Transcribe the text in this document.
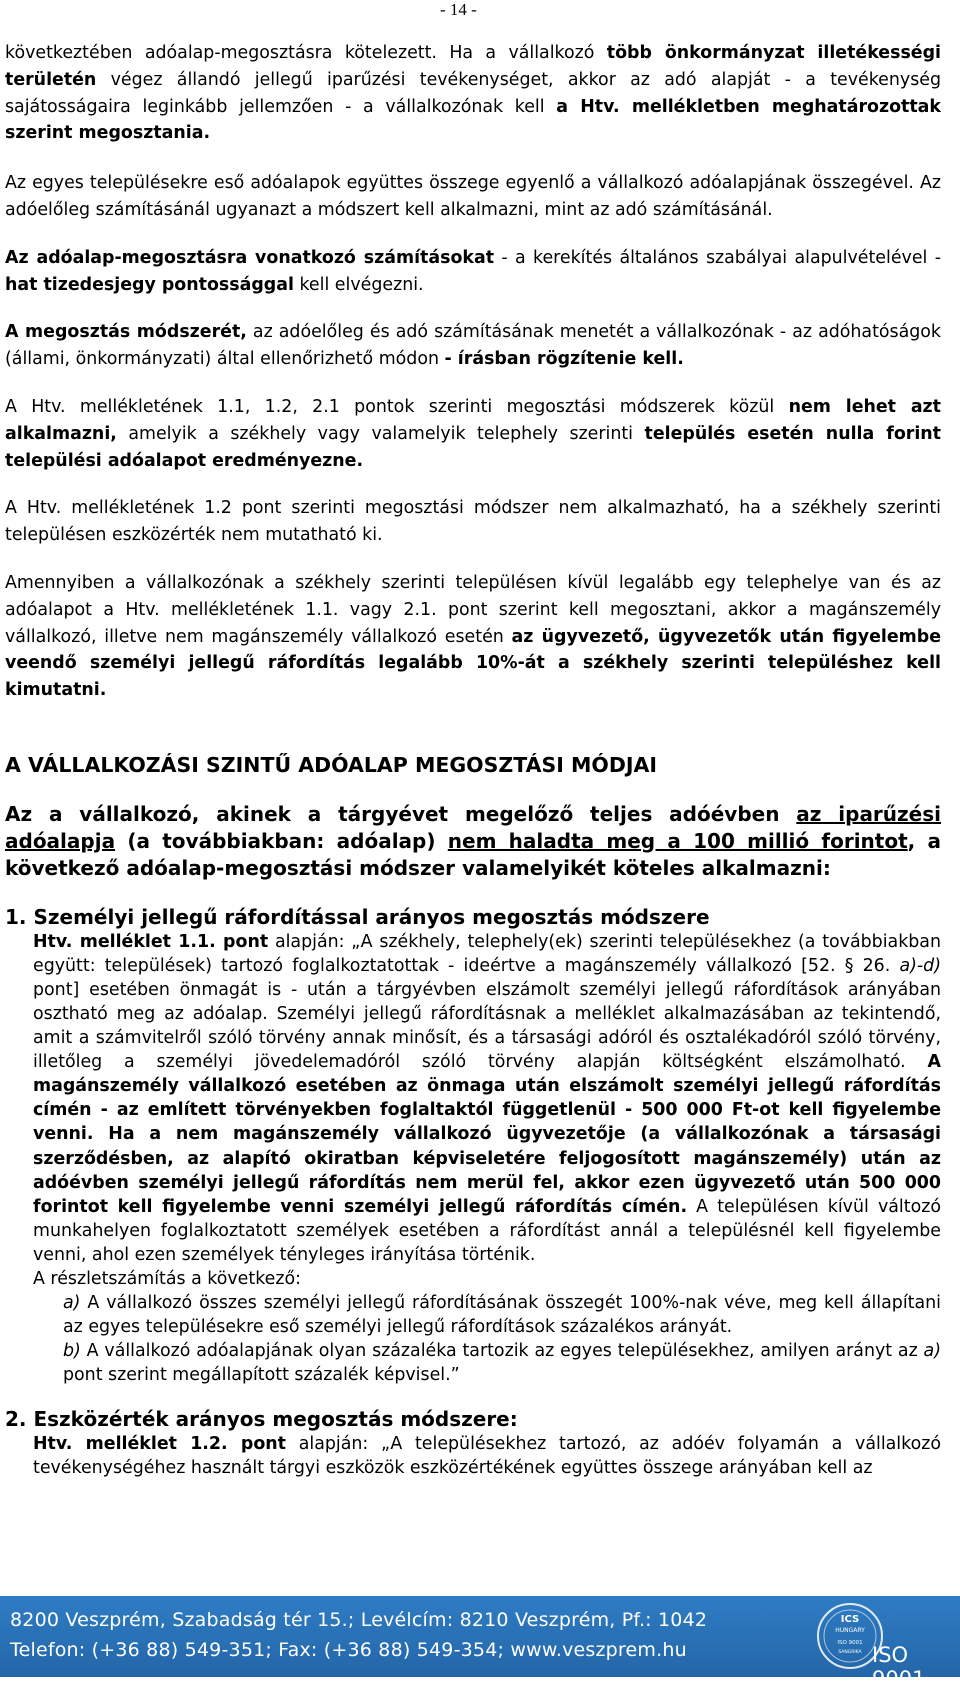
- 14 -

következtében adóalap-megosztásra kötelezett. Ha a vállalkozó több önkormányzat illetékességi területén végez állandó jellegű iparűzési tevékenységet, akkor az adó alapját - a tevékenység sajátosságaira leginkább jellemzően - a vállalkozónak kell a Htv. mellékletben meghatározottak szerint megosztania.

Az egyes településekre eső adóalapok együttes összege egyenlő a vállalkozó adóalapjának összegével. Az adóelőleg számításánál ugyanazt a módszert kell alkalmazni, mint az adó számításánál.

Az adóalap-megosztásra vonatkozó számításokat - a kerekítés általános szabályai alapulvételével - hat tizedesjegy pontossággal kell elvégezni.

A megosztás módszerét, az adóelőleg és adó számításának menetét a vállalkozónak - az adóhatóságok (állami, önkormányzati) által ellenőrizhető módon - írásban rögzítenie kell.

A Htv. mellékletének 1.1, 1.2, 2.1 pontok szerinti megosztási módszerek közül nem lehet azt alkalmazni, amelyik a székhely vagy valamelyik telephely szerinti település esetén nulla forint települési adóalapot eredményezne.

A Htv. mellékletének 1.2 pont szerinti megosztási módszer nem alkalmazható, ha a székhely szerinti településen eszközérték nem mutatható ki.

Amennyiben a vállalkozónak a székhely szerinti településen kívül legalább egy telephelye van és az adóalapot a Htv. mellékletének 1.1. vagy 2.1. pont szerint kell megosztani, akkor a magánszemély vállalkozó, illetve nem magánszemély vállalkozó esetén az ügyvezető, ügyvezetők után figyelembe veendő személyi jellegű ráfordítás legalább 10%-át a székhely szerinti településhez kell kimutatni.

A VÁLLALKOZÁSI SZINTŰ ADÓALAP MEGOSZTÁSI MÓDJAI

Az a vállalkozó, akinek a tárgyévet megelőző teljes adóévben az iparűzési adóalapja (a továbbiakban: adóalap) nem haladta meg a 100 millió forintot, a következő adóalap-megosztási módszer valamelyikét köteles alkalmazni:

1. Személyi jellegű ráfordítással arányos megosztás módszere

Htv. melléklet 1.1. pont alapján: „A székhely, telephely(ek) szerinti településekhez (a továbbiakban együtt: települések) tartozó foglalkoztatottak - ideértve a magánszemély vállalkozó [52. § 26. a)-d) pont] esetében önmagát is - után a tárgyévben elszámolt személyi jellegű ráfordítások arányában osztható meg az adóalap. Személyi jellegű ráfordításnak a melléklet alkalmazásában az tekintendő, amit a számvitelről szóló törvény annak minősít, és a társasági adóról és osztalékadóról szóló törvény, illetőleg a személyi jövedelemadóról szóló törvény alapján költségként elszámolható. A magánszemély vállalkozó esetében az önmaga után elszámolt személyi jellegű ráfordítás címén - az említett törvényekben foglaltaktól függetlenül - 500 000 Ft-ot kell figyelembe venni. Ha a nem magánszemély vállalkozó ügyvezetője (a vállalkozónak a társasági szerződésben, az alapító okiratban képviseletére feljogosított magánszemély) után az adóévben személyi jellegű ráfordítás nem merül fel, akkor ezen ügyvezető után 500 000 forintot kell figyelembe venni személyi jellegű ráfordítás címén. A településen kívül változó munkahelyen foglalkoztatott személyek esetében a ráfordítást annál a településnél kell figyelembe venni, ahol ezen személyek tényleges irányítása történik.

A részletszámítás a következő:

a) A vállalkozó összes személyi jellegű ráfordításának összegét 100%-nak véve, meg kell állapítani az egyes településekre eső személyi jellegű ráfordítások százalékos arányát.

b) A vállalkozó adóalapjának olyan százaléka tartozik az egyes településekhez, amilyen arányt az a) pont szerint megállapított százalék képvisel.”

2. Eszközérték arányos megosztás módszere:

Htv. melléklet 1.2. pont alapján: „A településekhez tartozó, az adóév folyamán a vállalkozó tevékenységéhez használt tárgyi eszközök eszközértékének együttes összege arányában kell az

8200 Veszprém, Szabadság tér 15.; Levélcím: 8210 Veszprém, Pf.: 1042
Telefon: (+36 88) 549-351; Fax: (+36 88) 549-354; www.veszprem.hu
ICS
HUNGARY
ISO 9001
SANGRIKA ISO 9001
